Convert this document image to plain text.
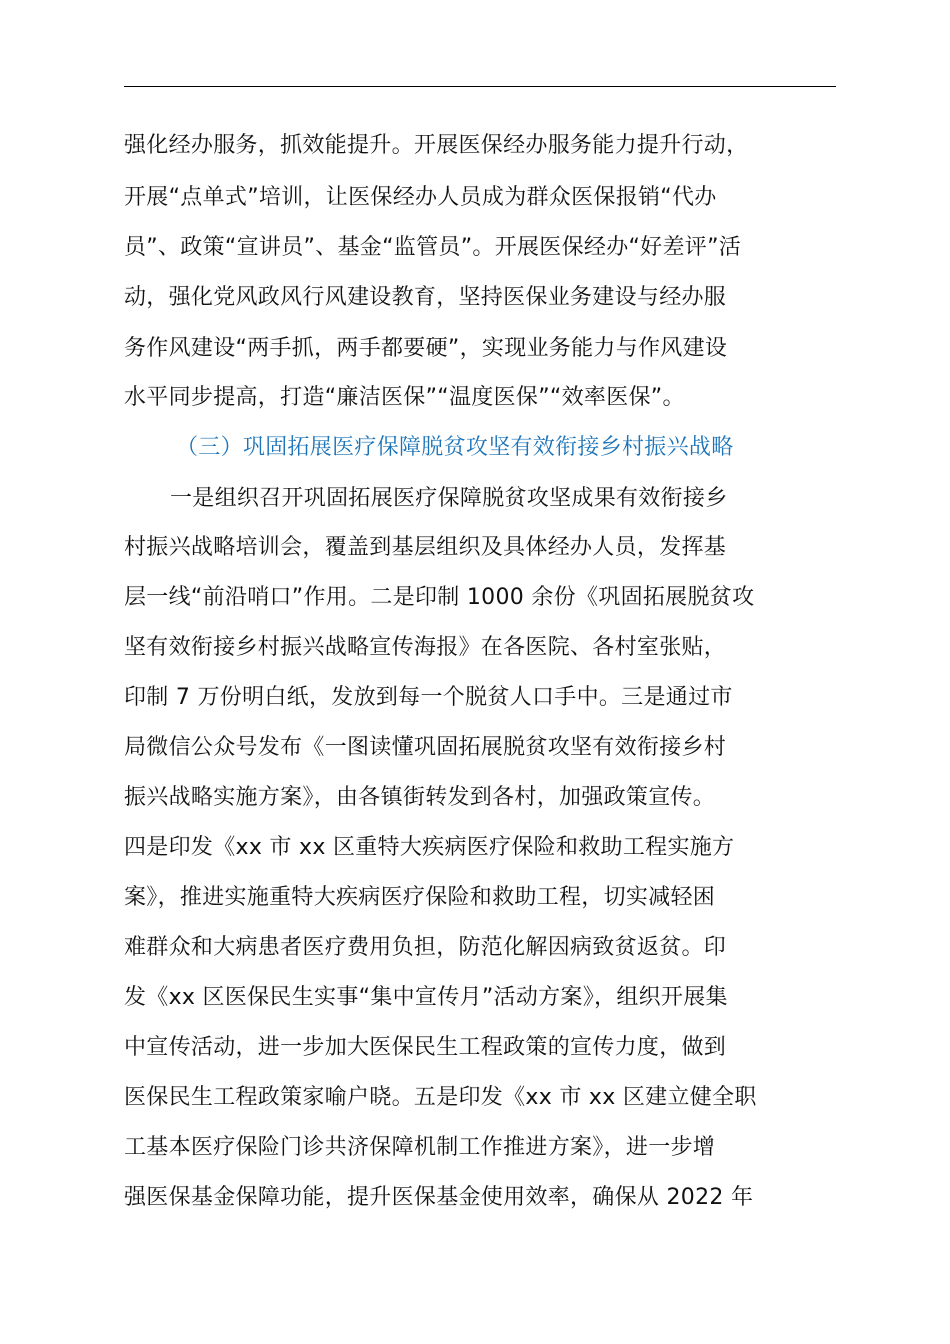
强化经办服务，抓效能提升。开展医保经办服务能力提升行动，
开展“点单式”培训，让医保经办人员成为群众医保报销“代办
员”、政策“宣讲员”、基金“监管员”。开展医保经办“好差评”活
动，强化党风政风行风建设教育，坚持医保业务建设与经办服
务作风建设“两手抓，两手都要硬”，实现业务能力与作风建设
水平同步提高，打造“廉洁医保”“温度医保”“效率医保”。
（三）巩固拓展医疗保障脱贫攻坚有效衔接乡村振兴战略
一是组织召开巩固拓展医疗保障脱贫攻坚成果有效衔接乡
村振兴战略培训会，覆盖到基层组织及具体经办人员，发挥基
层一线“前沿哨口”作用。二是印制 1000 余份《巩固拓展脱贫攻
坚有效衔接乡村振兴战略宣传海报》在各医院、各村室张贴，
印制 7 万份明白纸，发放到每一个脱贫人口手中。三是通过市
局微信公众号发布《一图读懂巩固拓展脱贫攻坚有效衔接乡村
振兴战略实施方案》，由各镇街转发到各村，加强政策宣传。
四是印发《xx 市 xx 区重特大疾病医疗保险和救助工程实施方
案》，推进实施重特大疾病医疗保险和救助工程，切实减轻困
难群众和大病患者医疗费用负担，防范化解因病致贫返贫。印
发《xx 区医保民生实事“集中宣传月”活动方案》，组织开展集
中宣传活动，进一步加大医保民生工程政策的宣传力度，做到
医保民生工程政策家喻户晓。五是印发《xx 市 xx 区建立健全职
工基本医疗保险门诊共济保障机制工作推进方案》，进一步增
强医保基金保障功能，提升医保基金使用效率，确保从 2022 年
